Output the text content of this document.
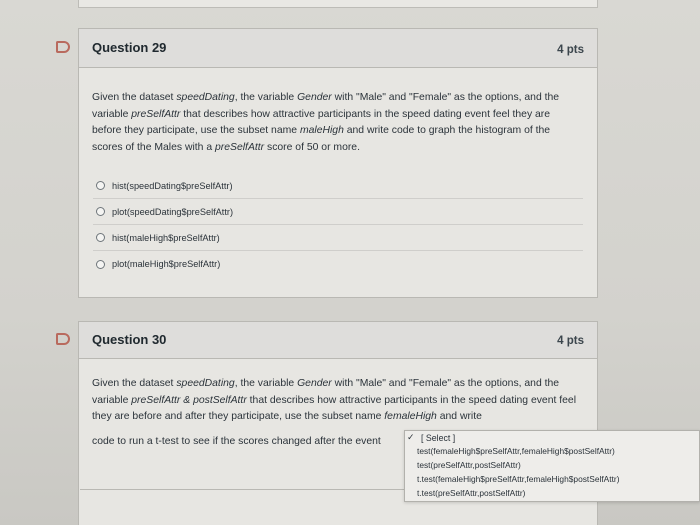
Question 29	4 pts
Given the dataset speedDating, the variable Gender with "Male" and "Female" as the options, and the variable preSelfAttr that describes how attractive participants in the speed dating event feel they are before they participate, use the subset name maleHigh and write code to graph the histogram of the scores of the Males with a preSelfAttr score of 50 or more.
hist(speedDating$preSelfAttr)
plot(speedDating$preSelfAttr)
hist(maleHigh$preSelfAttr)
plot(maleHigh$preSelfAttr)
Question 30	4 pts
Given the dataset speedDating, the variable Gender with "Male" and "Female" as the options, and the variable preSelfAttr & postSelfAttr that describes how attractive participants in the speed dating event feel they are before and after they participate, use the subset name femaleHigh and write
code to run a t-test to see if the scores changed after the event	✓ [ Select ]
test(femaleHigh$preSelfAttr,femaleHigh$postSelfAttr)
test(preSelfAttr,postSelfAttr)
t.test(femaleHigh$preSelfAttr,femaleHigh$postSelfAttr)
t.test(preSelfAttr,postSelfAttr)
